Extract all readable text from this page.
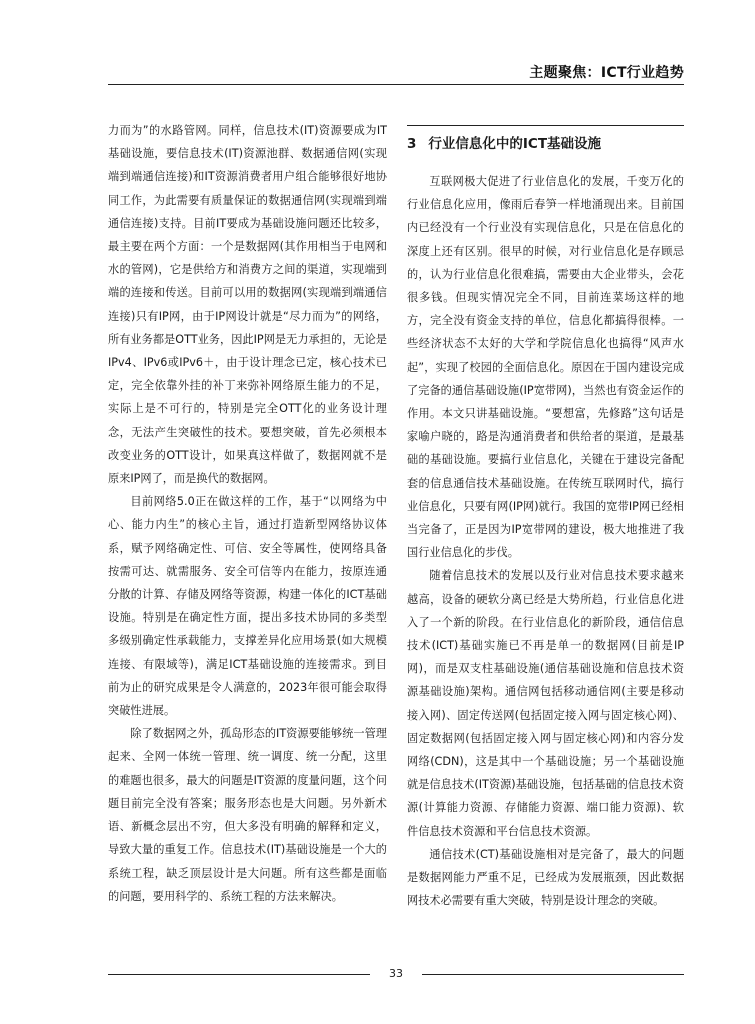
主题聚焦：ICT行业趋势

力而为”的水路管网。同样，信息技术(IT)资源要成为IT基础设施，要信息技术(IT)资源池群、数据通信网(实现端到端通信连接)和IT资源消费者用户组合能够很好地协同工作，为此需要有质量保证的数据通信网(实现端到端通信连接)支持。目前IT要成为基础设施问题还比较多，最主要在两个方面：一个是数据网(其作用相当于电网和水的管网)，它是供给方和消费方之间的渠道，实现端到端的连接和传送。目前可以用的数据网(实现端到端通信连接)只有IP网，由于IP网设计就是“尽力而为”的网络，所有业务都是OTT业务，因此IP网是无力承担的，无论是IPv4、IPv6或IPv6＋，由于设计理念已定，核心技术已定，完全依靠外挂的补丁来弥补网络原生能力的不足，实际上是不可行的，特别是完全OTT化的业务设计理念，无法产生突破性的技术。要想突破，首先必须根本改变业务的OTT设计，如果真这样做了，数据网就不是原来IP网了，而是换代的数据网。

目前网络5.0正在做这样的工作，基于“以网络为中心、能力内生”的核心主旨，通过打造新型网络协议体系，赋予网络确定性、可信、安全等属性，使网络具备按需可达、就需服务、安全可信等内在能力，按原连通分散的计算、存储及网络等资源，构建一体化的ICT基础设施。特别是在确定性方面，提出多技术协同的多类型多级别确定性承载能力，支撑差异化应用场景(如大规模连接、有限域等)，满足ICT基础设施的连接需求。到目前为止的研究成果是令人满意的，2023年很可能会取得突破性进展。

除了数据网之外，孤岛形态的IT资源要能够统一管理起来、全网一体统一管理、统一调度、统一分配，这里的难题也很多，最大的问题是IT资源的度量问题，这个问题目前完全没有答案；服务形态也是大问题。另外新术语、新概念层出不穷，但大多没有明确的解释和定义，导致大量的重复工作。信息技术(IT)基础设施是一个大的系统工程，缺乏顶层设计是大问题。所有这些都是面临的问题，要用科学的、系统工程的方法来解决。

3 行业信息化中的ICT基础设施

互联网极大促进了行业信息化的发展，千变万化的行业信息化应用，像雨后春笋一样地涌现出来。目前国内已经没有一个行业没有实现信息化，只是在信息化的深度上还有区别。很早的时候，对行业信息化是存顾忌的，认为行业信息化很难搞，需要由大企业带头，会花很多钱。但现实情况完全不同，目前连菜场这样的地方，完全没有资金支持的单位，信息化都搞得很棒。一些经济状态不太好的大学和学院信息化也搞得“风声水起”，实现了校园的全面信息化。原因在于国内建设完成了完备的通信基础设施(IP宽带网)，当然也有资金运作的作用。本文只讲基础设施。“要想富，先修路”这句话是家喻户晓的，路是沟通消费者和供给者的渠道，是最基础的基础设施。要搞行业信息化，关键在于建设完备配套的信息通信技术基础设施。在传统互联网时代，搞行业信息化，只要有网(IP网)就行。我国的宽带IP网已经相当完备了，正是因为IP宽带网的建设，极大地推进了我国行业信息化的步伐。

随着信息技术的发展以及行业对信息技术要求越来越高，设备的硬软分离已经是大势所趋，行业信息化进入了一个新的阶段。在行业信息化的新阶段，通信信息技术(ICT)基础实施已不再是单一的数据网(目前是IP网)，而是双支柱基础设施(通信基础设施和信息技术资源基础设施)架构。通信网包括移动通信网(主要是移动接入网)、固定传送网(包括固定接入网与固定核心网)、固定数据网(包括固定接入网与固定核心网)和内容分发网络(CDN)，这是其中一个基础设施；另一个基础设施就是信息技术(IT资源)基础设施，包括基础的信息技术资源(计算能力资源、存储能力资源、端口能力资源)、软件信息技术资源和平台信息技术资源。

通信技术(CT)基础设施相对是完备了，最大的问题是数据网能力严重不足，已经成为发展瓶颈，因此数据网技术必需要有重大突破，特别是设计理念的突破。

33
